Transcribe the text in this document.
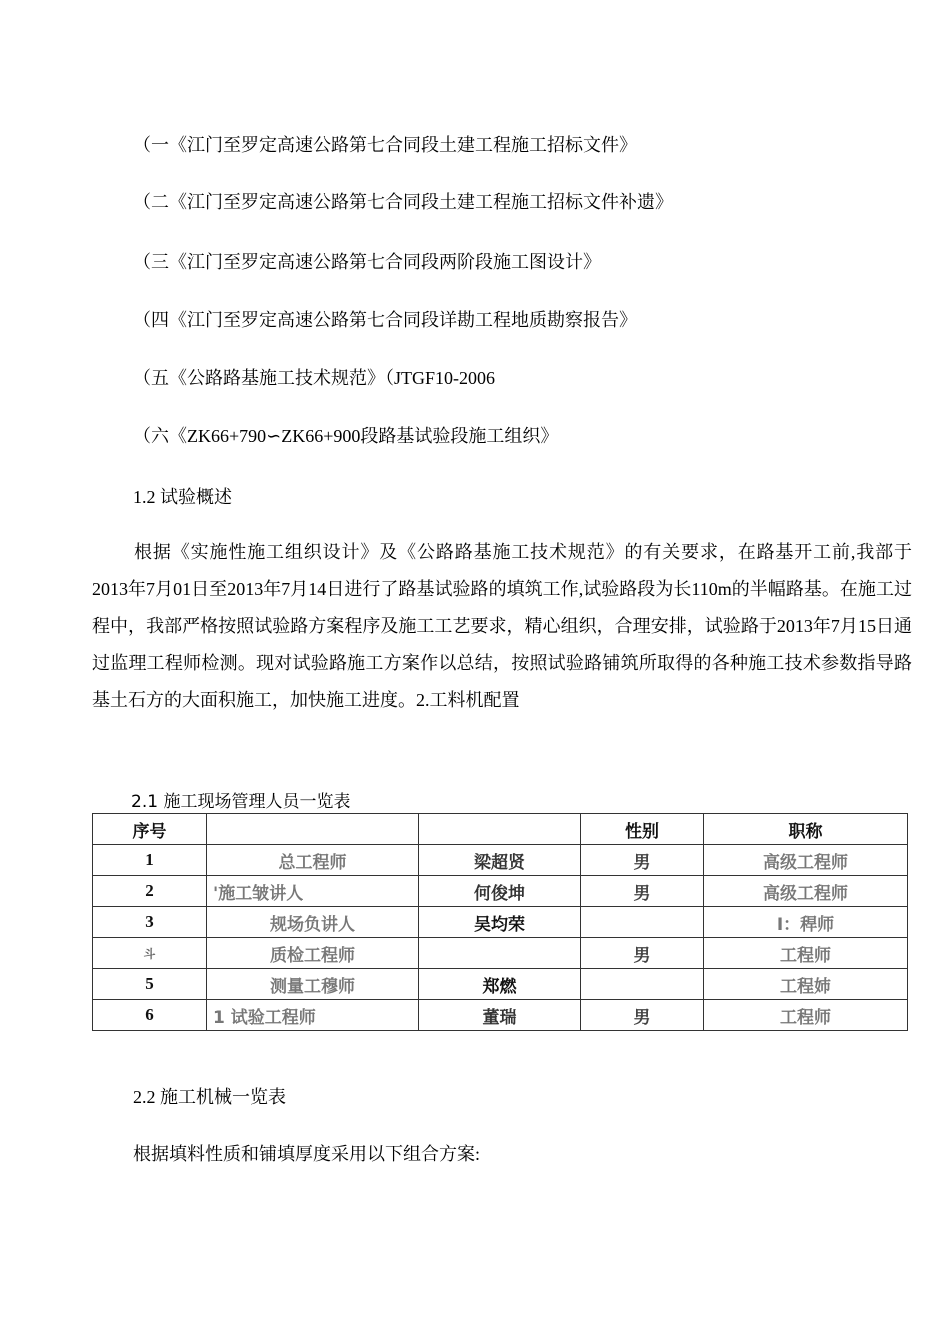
（一《江门至罗定高速公路第七合同段土建工程施工招标文件》
（二《江门至罗定高速公路第七合同段土建工程施工招标文件补遗》
（三《江门至罗定高速公路第七合同段两阶段施工图设计》
（四《江门至罗定高速公路第七合同段详勘工程地质勘察报告》
（五《公路路基施工技术规范》（JTGF10-2006
（六《ZK66+790∽ZK66+900段路基试验段施工组织》
1.2 试验概述
根据《实施性施工组织设计》及《公路路基施工技术规范》的有关要求，在路基开工前,我部于2013年7月01日至2013年7月14日进行了路基试验路的填筑工作,试验路段为长110m的半幅路基。在施工过程中，我部严格按照试验路方案程序及施工工艺要求，精心组织，合理安排，试验路于2013年7月15日通过监理工程师检测。现对试验路施工方案作以总结，按照试验路铺筑所取得的各种施工技术参数指导路基土石方的大面积施工，加快施工进度。2.工料机配置
2.1 施工现场管理人员一览表
序号			性别	职称
1	总工程师	梁超贤	男	高级工程师
2	'施工皱讲人	何俊坤	男	高级工程师
3	规场负讲人	吴均荣		I：稈师
斗	质检工程师		男	工程师
5	测量工穆师	郑燃		工程姉
6	1 试验工程师	董瑞	男	工程师
2.2 施工机械一览表
根据填料性质和铺填厚度采用以下组合方案:
